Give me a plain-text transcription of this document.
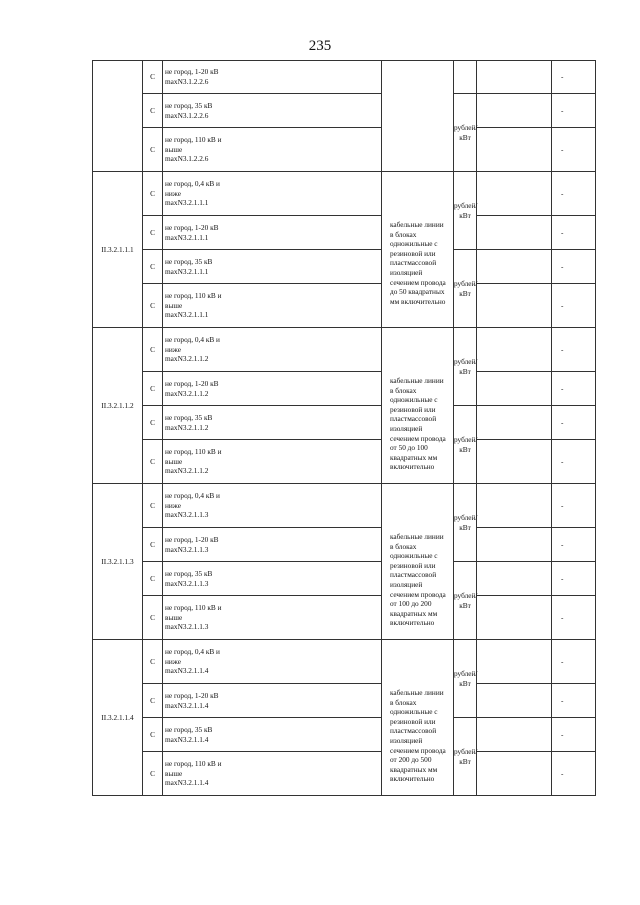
235
	С	не город, 1-20 кВ
maxN3.1.2.2.6				-
	С	не город, 35 кВ
maxN3.1.2.2.6		рублей/кВт		-
	С	не город, 110 кВ и
выше
maxN3.1.2.2.6				-
II.3.2.1.1.1	С	не город, 0,4 кВ и
ниже
maxN3.2.1.1.1	кабельные линии в блоках одножильные с резиновой или пластмассовой изоляцией сечением провода до 50 квадратных мм включительно	рублей/кВт		-
	С	не город, 1-20 кВ
maxN3.2.1.1.1				-
	С	не город, 35 кВ
maxN3.2.1.1.1		рублей/кВт		-
	С	не город, 110 кВ и
выше
maxN3.2.1.1.1				-
II.3.2.1.1.2	С	не город, 0,4 кВ и
ниже
maxN3.2.1.1.2	кабельные линии в блоках одножильные с резиновой или пластмассовой изоляцией сечением провода от 50 до 100 квадратных мм включительно	рублей/кВт		-
	С	не город, 1-20 кВ
maxN3.2.1.1.2				-
	С	не город, 35 кВ
maxN3.2.1.1.2		рублей/кВт		-
	С	не город, 110 кВ и
выше
maxN3.2.1.1.2				-
II.3.2.1.1.3	С	не город, 0,4 кВ и
ниже
maxN3.2.1.1.3	кабельные линии в блоках одножильные с резиновой или пластмассовой изоляцией сечением провода от 100 до 200 квадратных мм включительно	рублей/кВт		-
	С	не город, 1-20 кВ
maxN3.2.1.1.3				-
	С	не город, 35 кВ
maxN3.2.1.1.3		рублей/кВт		-
	С	не город, 110 кВ и
выше
maxN3.2.1.1.3				-
II.3.2.1.1.4	С	не город, 0,4 кВ и
ниже
maxN3.2.1.1.4	кабельные линии в блоках одножильные с резиновой или пластмассовой изоляцией сечением провода от 200 до 500 квадратных мм включительно	рублей/кВт		-
	С	не город, 1-20 кВ
maxN3.2.1.1.4				-
	С	не город, 35 кВ
maxN3.2.1.1.4		рублей/кВт		-
	С	не город, 110 кВ и
выше
maxN3.2.1.1.4				-
